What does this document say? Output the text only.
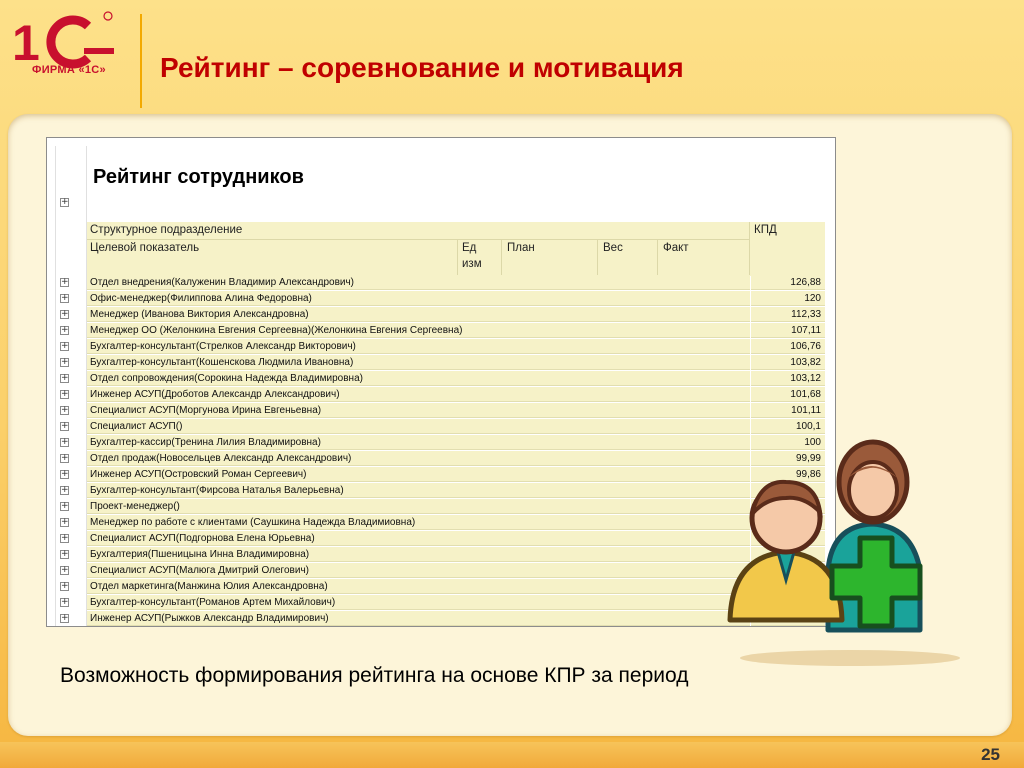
1
ФИРМА «1С»	Рейтинг – соревнование и мотивация
+
Рейтинг сотрудников
Структурное подразделение	КПД
Целевой показатель	Ед
изм
План	Вес	Факт
+	Отдел внедрения(Калуженин Владимир Александрович)	126,88
+	Офис-менеджер(Филиппова Алина Федоровна)	120
+	Менеджер (Иванова Виктория Александровна)	112,33
+	Менеджер ОО (Желонкина Евгения Сергеевна)(Желонкина Евгения Сергеевна)	107,11
+	Бухгалтер-консультант(Стрелков Александр Викторович)	106,76
+	Бухгалтер-консультант(Кошенскова Людмила Ивановна)	103,82
+	Отдел сопровождения(Сорокина Надежда Владимировна)	103,12
+	Инженер АСУП(Дроботов Александр Александрович)	101,68
+	Специалист АСУП(Моргунова Ирина Евгеньевна)	101,11
+	Специалист АСУП()	100,1
+	Бухгалтер-кассир(Тренина Лилия Владимировна)	100
+	Отдел продаж(Новосельцев Александр Александрович)	99,99
+	Инженер АСУП(Островский Роман Сергеевич)	99,86
+	Бухгалтер-консультант(Фирсова Наталья Валерьевна)
+	Проект-менеджер()
+	Менеджер по работе с клиентами (Саушкина Надежда Владимиовна)
+	Специалист АСУП(Подгорнова Елена Юрьевна)
+	Бухгалтерия(Пшеницына Инна Владимировна)
+	Специалист АСУП(Малюга Дмитрий Олегович)
+	Отдел маркетинга(Манжина Юлия Александровна)
+	Бухгалтер-консультант(Романов Артем Михайлович)
+	Инженер АСУП(Рыжков Александр Владимирович)
Возможность формирования рейтинга на основе КПР за период
25
